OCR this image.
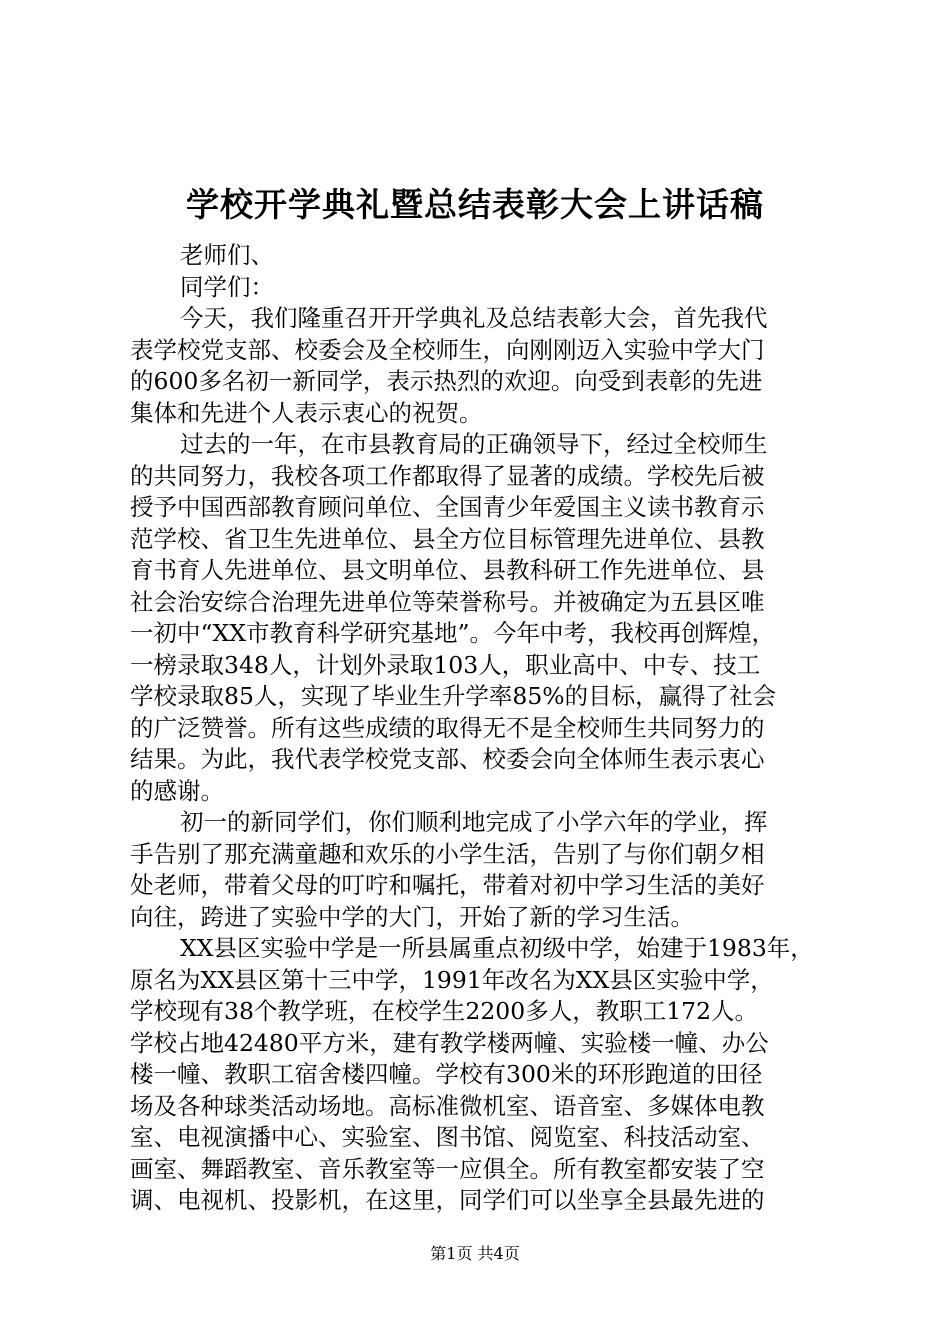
学校开学典礼暨总结表彰大会上讲话稿
老师们、
同学们：
今天，我们隆重召开开学典礼及总结表彰大会，首先我代
表学校党支部、校委会及全校师生，向刚刚迈入实验中学大门
的600多名初一新同学，表示热烈的欢迎。向受到表彰的先进
集体和先进个人表示衷心的祝贺。
过去的一年，在市县教育局的正确领导下，经过全校师生
的共同努力，我校各项工作都取得了显著的成绩。学校先后被
授予中国西部教育顾问单位、全国青少年爱国主义读书教育示
范学校、省卫生先进单位、县全方位目标管理先进单位、县教
育书育人先进单位、县文明单位、县教科研工作先进单位、县
社会治安综合治理先进单位等荣誉称号。并被确定为五县区唯
一初中“XX市教育科学研究基地”。今年中考，我校再创辉煌，
一榜录取348人，计划外录取103人，职业高中、中专、技工
学校录取85人，实现了毕业生升学率85%的目标，赢得了社会
的广泛赞誉。所有这些成绩的取得无不是全校师生共同努力的
结果。为此，我代表学校党支部、校委会向全体师生表示衷心
的感谢。
初一的新同学们，你们顺利地完成了小学六年的学业，挥
手告别了那充满童趣和欢乐的小学生活，告别了与你们朝夕相
处老师，带着父母的叮咛和嘱托，带着对初中学习生活的美好
向往，跨进了实验中学的大门，开始了新的学习生活。
XX县区实验中学是一所县属重点初级中学，始建于1983年，
原名为XX县区第十三中学，1991年改名为XX县区实验中学，
学校现有38个教学班，在校学生2200多人，教职工172人。
学校占地42480平方米，建有教学楼两幢、实验楼一幢、办公
楼一幢、教职工宿舍楼四幢。学校有300米的环形跑道的田径
场及各种球类活动场地。高标准微机室、语音室、多媒体电教
室、电视演播中心、实验室、图书馆、阅览室、科技活动室、
画室、舞蹈教室、音乐教室等一应俱全。所有教室都安装了空
调、电视机、投影机，在这里，同学们可以坐享全县最先进的
第1页 共4页
